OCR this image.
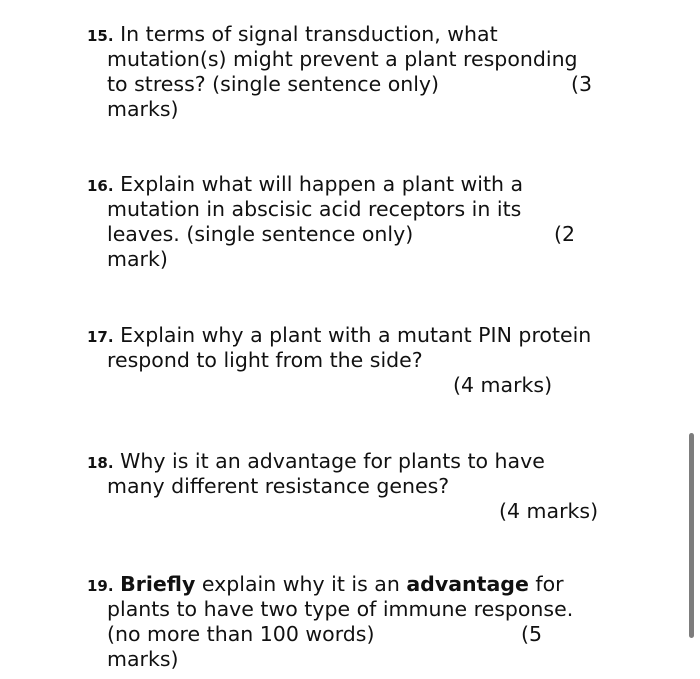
15. In terms of signal transduction, what
mutation(s) might prevent a plant responding
to stress? (single sentence only)	(3
marks)
16. Explain what will happen a plant with a
mutation in abscisic acid receptors in its
leaves. (single sentence only)	(2
mark)
17. Explain why a plant with a mutant PIN protein
respond to light from the side?
(4 marks)
18. Why is it an advantage for plants to have
many different resistance genes?
(4 marks)
19. Briefly explain why it is an advantage for
plants to have two type of immune response.
(no more than 100 words)	(5
marks)
